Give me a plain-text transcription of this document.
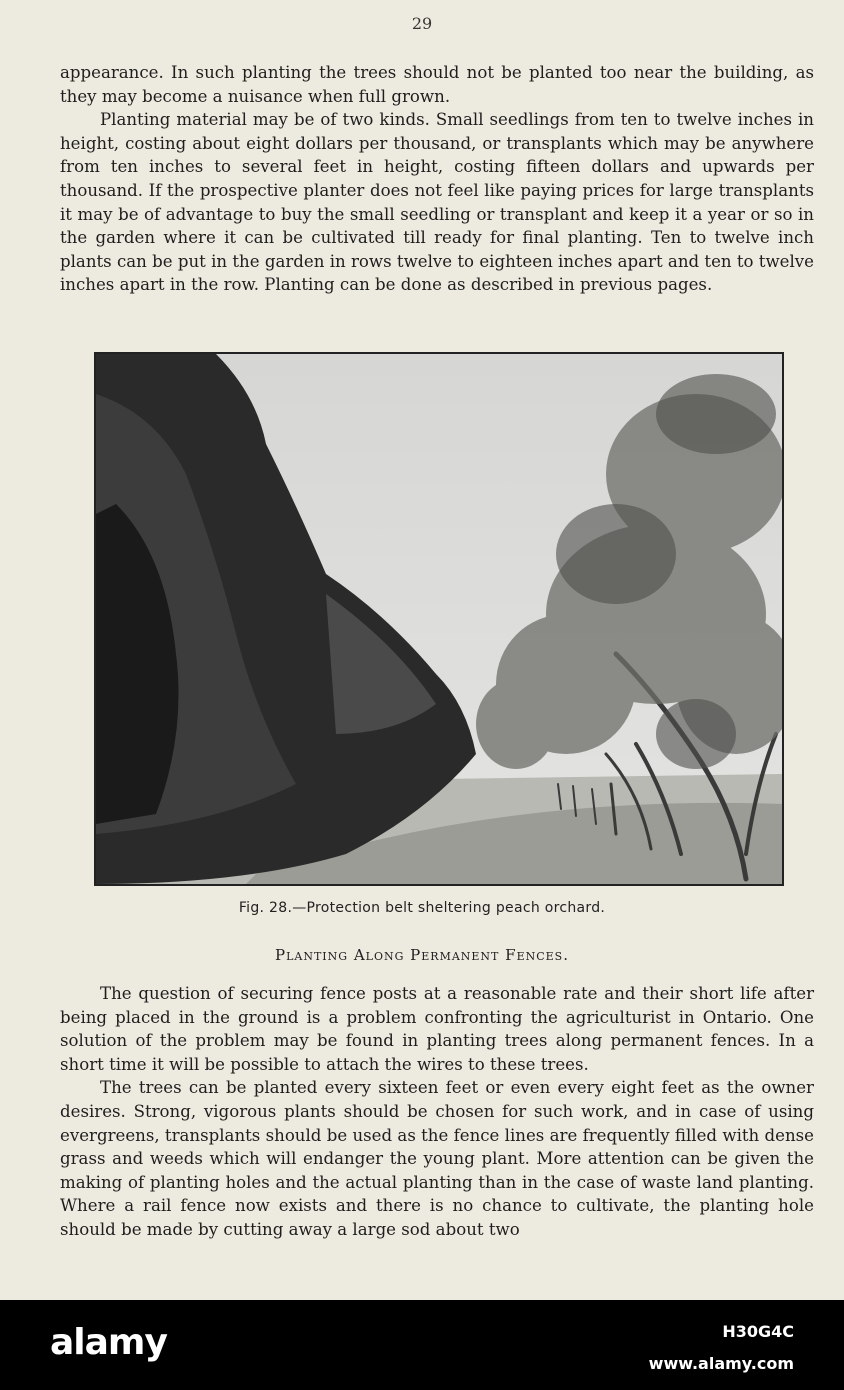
29

appearance. In such planting the trees should not be planted too near the building, as they may become a nuisance when full grown.

Planting material may be of two kinds. Small seedlings from ten to twelve inches in height, costing about eight dollars per thousand, or transplants which may be anywhere from ten inches to several feet in height, costing fifteen dollars and upwards per thousand. If the prospective planter does not feel like paying prices for large transplants it may be of advantage to buy the small seedling or transplant and keep it a year or so in the garden where it can be cultivated till ready for final planting. Ten to twelve inch plants can be put in the garden in rows twelve to eighteen inches apart and ten to twelve inches apart in the row. Planting can be done as described in previous pages.

Fig. 28.—Protection belt sheltering peach orchard.
Planting Along Permanent Fences.

The question of securing fence posts at a reasonable rate and their short life after being placed in the ground is a problem confronting the agriculturist in Ontario. One solution of the problem may be found in planting trees along permanent fences. In a short time it will be possible to attach the wires to these trees.

The trees can be planted every sixteen feet or even every eight feet as the owner desires. Strong, vigorous plants should be chosen for such work, and in case of using evergreens, transplants should be used as the fence lines are frequently filled with dense grass and weeds which will endanger the young plant. More attention can be given the making of planting holes and the actual planting than in the case of waste land planting. Where a rail fence now exists and there is no chance to cultivate, the planting hole should be made by cutting away a large sod about two

alamy	H30G4C
www.alamy.com
